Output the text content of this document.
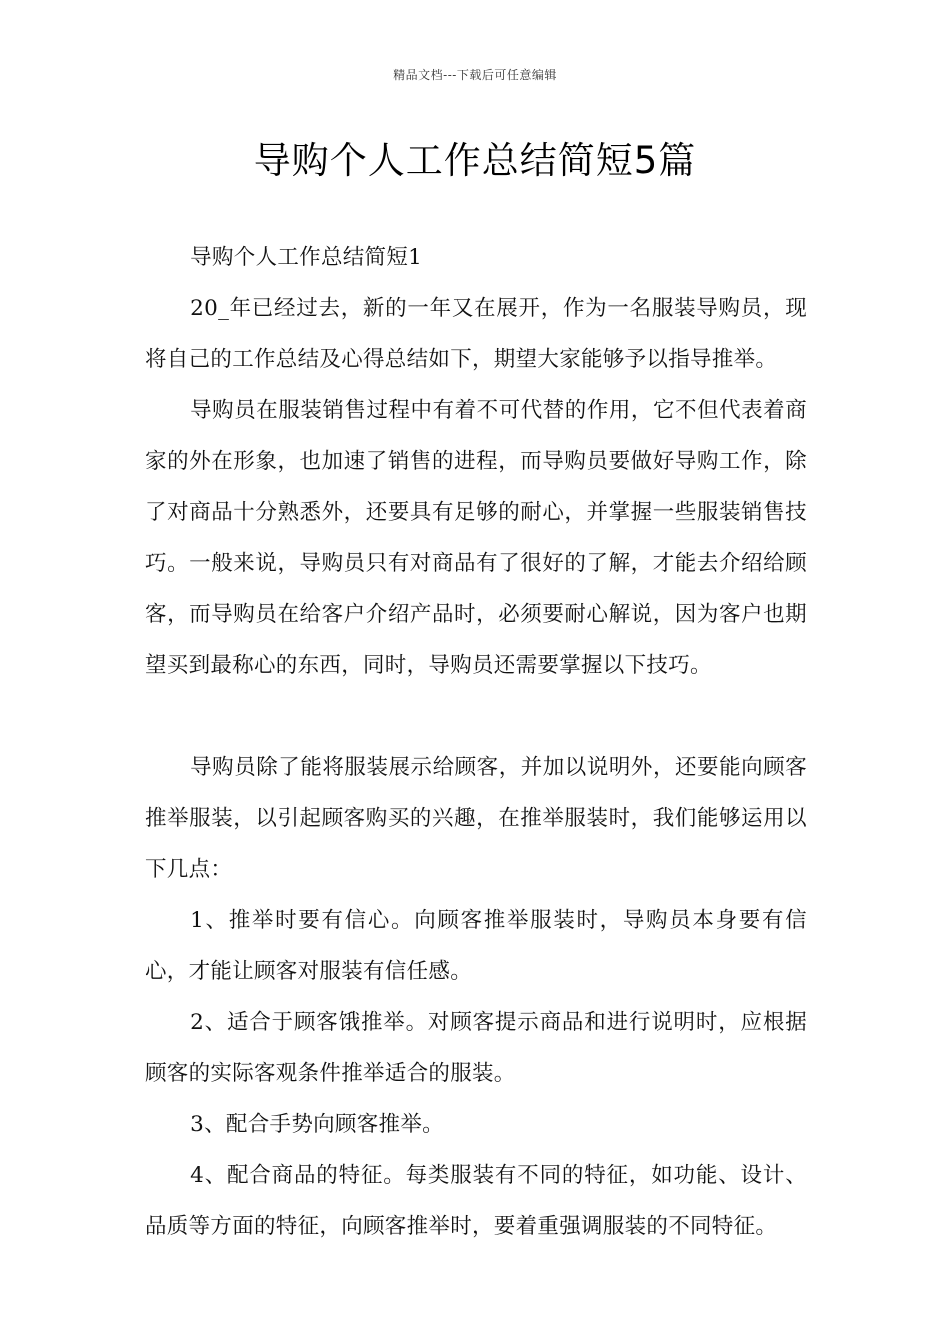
精品文档---下载后可任意编辑
导购个人工作总结简短5篇

导购个人工作总结简短1

20_年已经过去，新的一年又在展开，作为一名服装导购员，现将自己的工作总结及心得总结如下，期望大家能够予以指导推举。

导购员在服装销售过程中有着不可代替的作用，它不但代表着商家的外在形象，也加速了销售的进程，而导购员要做好导购工作，除了对商品十分熟悉外，还要具有足够的耐心，并掌握一些服装销售技巧。一般来说，导购员只有对商品有了很好的了解，才能去介绍给顾客，而导购员在给客户介绍产品时，必须要耐心解说，因为客户也期望买到最称心的东西，同时，导购员还需要掌握以下技巧。

导购员除了能将服装展示给顾客，并加以说明外，还要能向顾客推举服装，以引起顾客购买的兴趣，在推举服装时，我们能够运用以下几点：

1、推举时要有信心。向顾客推举服装时，导购员本身要有信心，才能让顾客对服装有信任感。

2、适合于顾客饿推举。对顾客提示商品和进行说明时，应根据顾客的实际客观条件推举适合的服装。

3、配合手势向顾客推举。

4、配合商品的特征。每类服装有不同的特征，如功能、设计、品质等方面的特征，向顾客推举时，要着重强调服装的不同特征。
